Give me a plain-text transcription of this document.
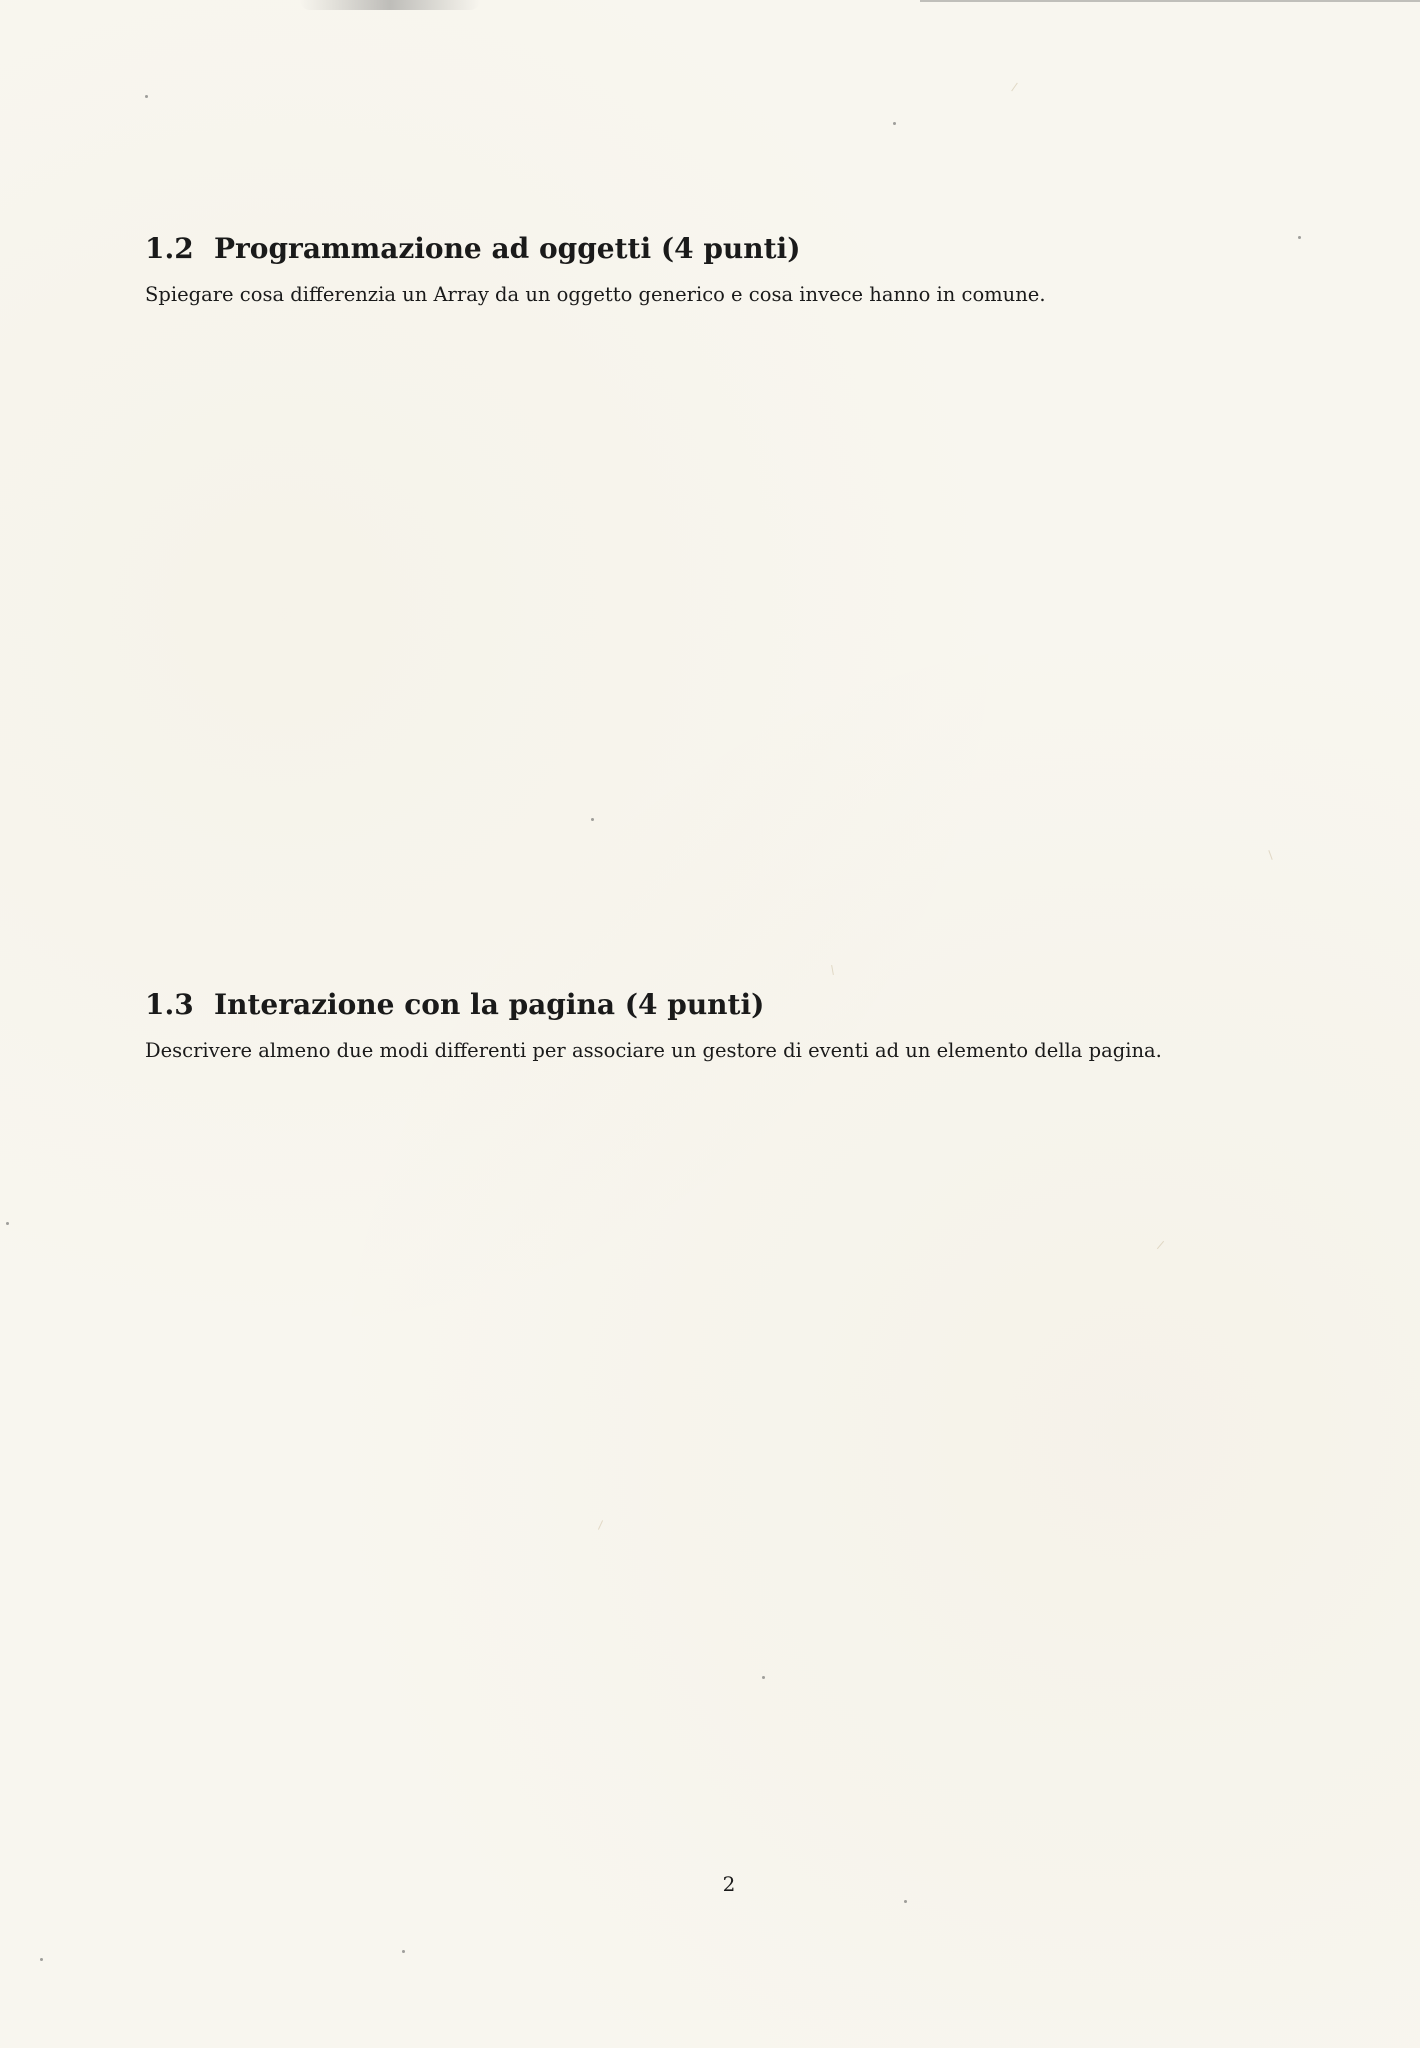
1.2 Programmazione ad oggetti (4 punti)
Spiegare cosa differenzia un Array da un oggetto generico e cosa invece hanno in comune.
1.3 Interazione con la pagina (4 punti)
Descrivere almeno due modi differenti per associare un gestore di eventi ad un elemento della pagina.
2
